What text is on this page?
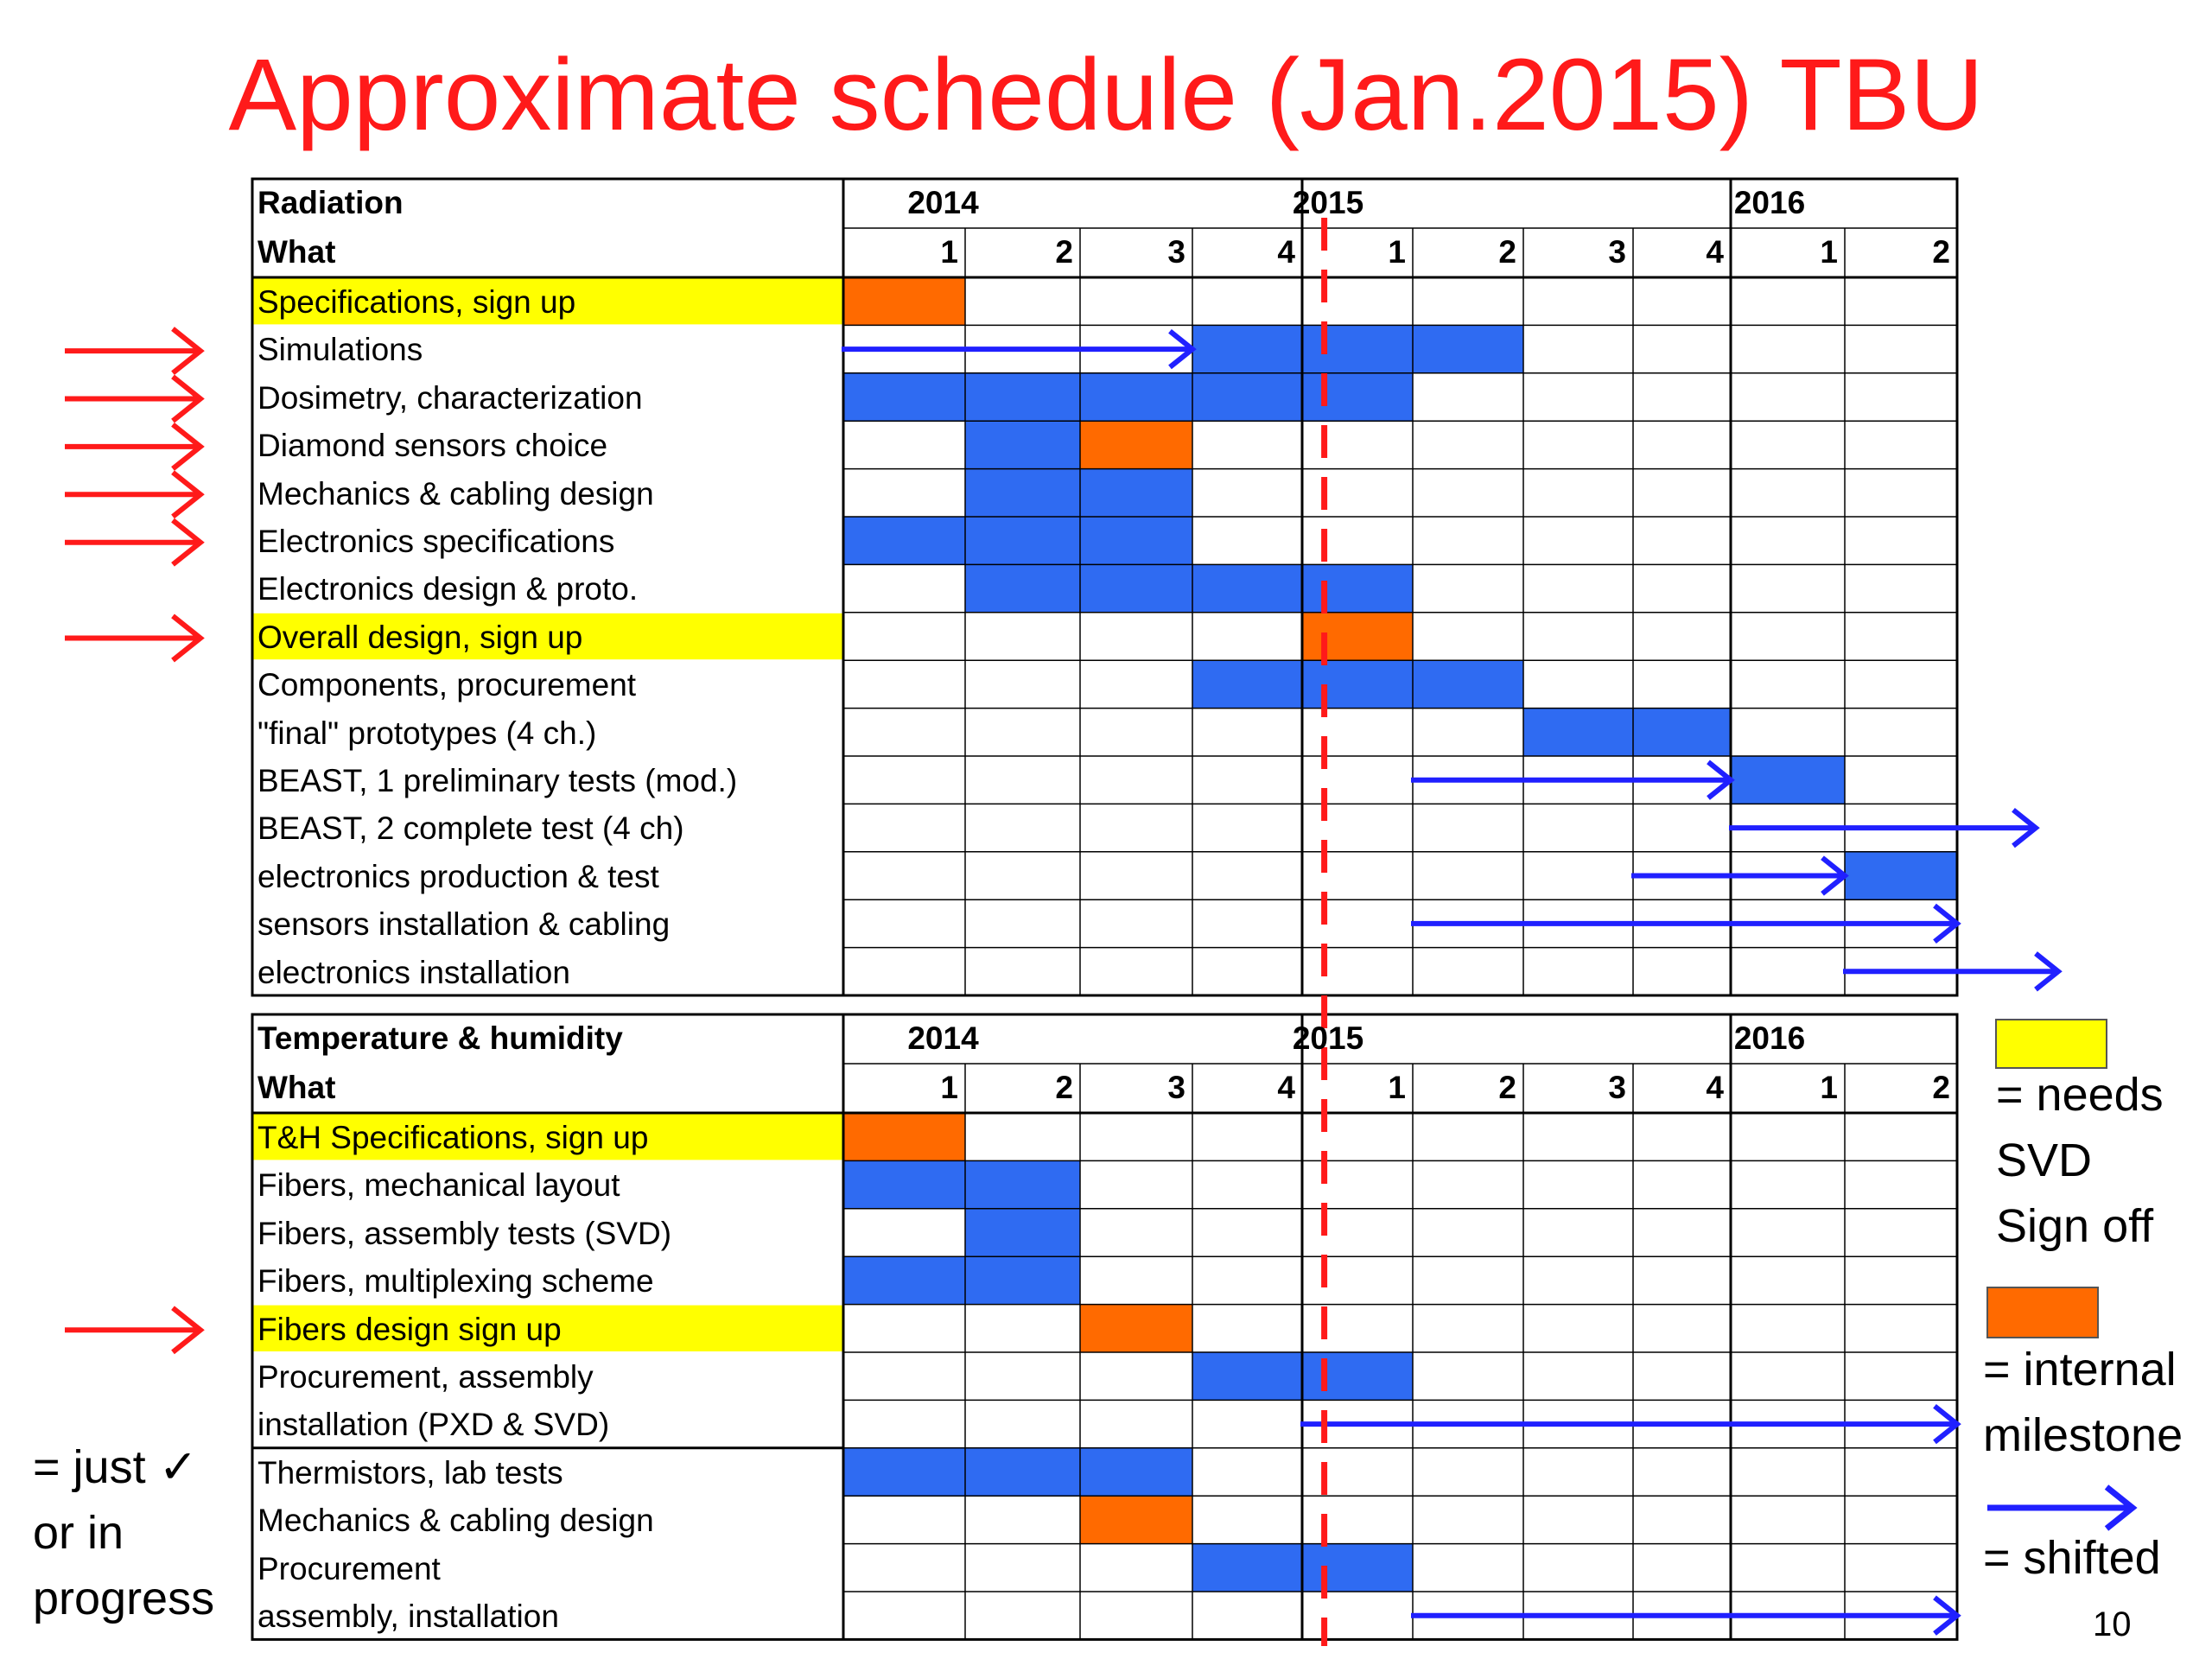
Approximate schedule (Jan.2015) TBU
Radiation
What
2014	2015	2016
1	2	3	4	1	2	3	4	1	2
Specifications, sign up
Simulations
Dosimetry, characterization
Diamond sensors choice
Mechanics & cabling design
Electronics specifications
Electronics design & proto.
Overall design, sign up
Components, procurement
"final" prototypes (4 ch.)
BEAST, 1 preliminary tests (mod.)
BEAST, 2 complete test (4 ch)
electronics production & test
sensors installation & cabling
electronics installation
Temperature & humidity
What
2014	2015	2016
1	2	3	4	1	2	3	4	1	2
T&H Specifications, sign up
Fibers, mechanical layout
Fibers, assembly tests (SVD)
Fibers, multiplexing scheme
Fibers design sign up
Procurement, assembly
installation (PXD & SVD)
Thermistors, lab tests
Mechanics & cabling design
Procurement
assembly, installation
= needs
SVD
Sign off
= internal
milestone
= shifted
= just ✓
or in
progress	10
